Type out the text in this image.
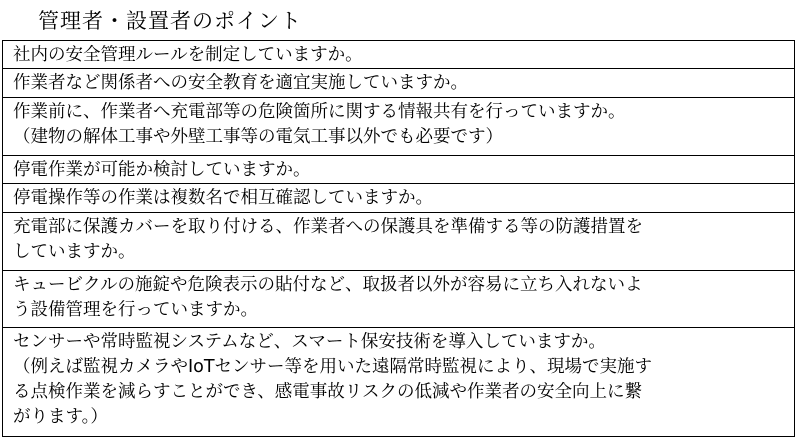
管理者・設置者のポイント
社内の安全管理ルールを制定していますか。
作業者など関係者への安全教育を適宜実施していますか。
作業前に、作業者へ充電部等の危険箇所に関する情報共有を行っていますか。
（建物の解体工事や外壁工事等の電気工事以外でも必要です）
停電作業が可能か検討していますか。
停電操作等の作業は複数名で相互確認していますか。
充電部に保護カバーを取り付ける、作業者への保護具を準備する等の防護措置を
していますか。
キュービクルの施錠や危険表示の貼付など、取扱者以外が容易に立ち入れないよ
う設備管理を行っていますか。
センサーや常時監視システムなど、スマート保安技術を導入していますか。
（例えば監視カメラやIoTセンサー等を用いた遠隔常時監視により、現場で実施す
る点検作業を減らすことができ、感電事故リスクの低減や作業者の安全向上に繋
がります。）
